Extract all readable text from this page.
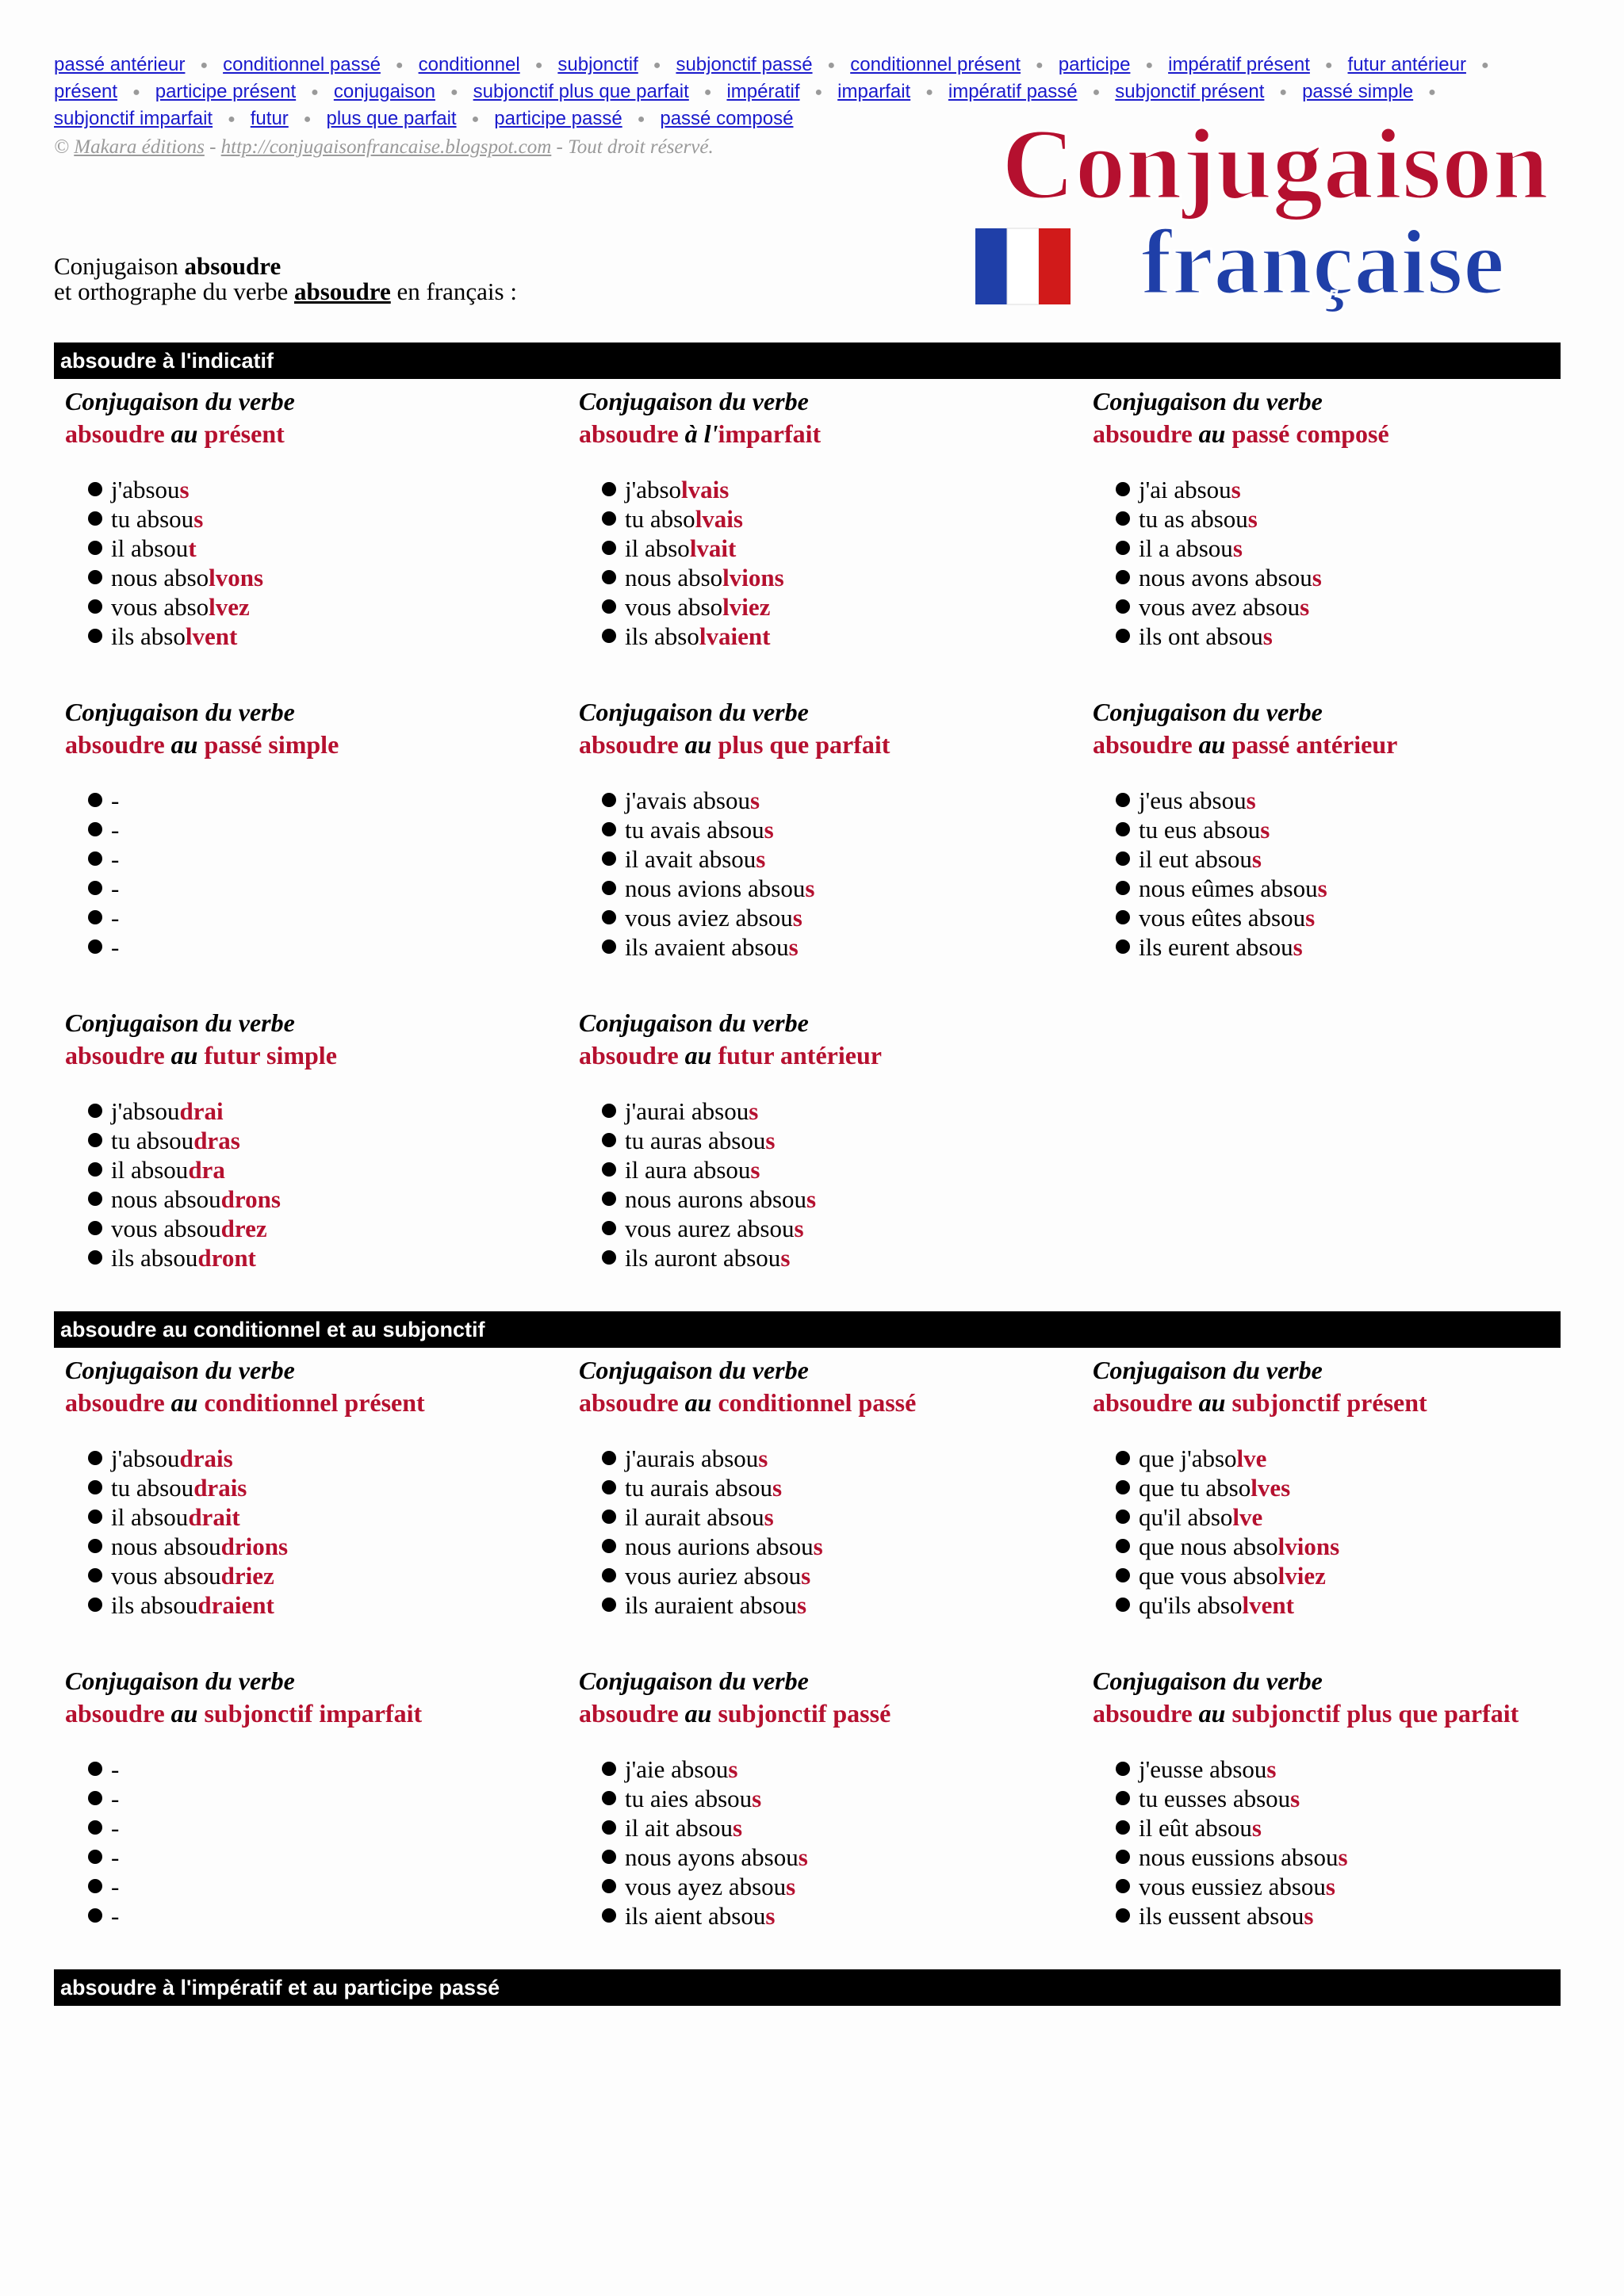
passé antérieur ● conditionnel passé ● conditionnel ● subjonctif ● subjonctif passé ● conditionnel présent ● participe ● impératif présent ● futur antérieur ●
présent ● participe présent ● conjugaison ● subjonctif plus que parfait ● impératif ● imparfait ● impératif passé ● subjonctif présent ● passé simple ●
subjonctif imparfait ● futur ● plus que parfait ● participe passé ● passé composé
© Makara éditions - http://conjugaisonfrancaise.blogspot.com - Tout droit réservé.	Conjugaison
française
Conjugaison absoudre
et orthographe du verbe absoudre en français :
absoudre à l'indicatif
Conjugaison du verbe
absoudre au présent
j'absous
tu absous
il absout
nous absolvons
vous absolvez
ils absolvent
Conjugaison du verbe
absoudre à l'imparfait
j'absolvais
tu absolvais
il absolvait
nous absolvions
vous absolviez
ils absolvaient
Conjugaison du verbe
absoudre au passé composé
j'ai absous
tu as absous
il a absous
nous avons absous
vous avez absous
ils ont absous
Conjugaison du verbe
absoudre au passé simple
-
-
-
-
-
-
Conjugaison du verbe
absoudre au plus que parfait
j'avais absous
tu avais absous
il avait absous
nous avions absous
vous aviez absous
ils avaient absous
Conjugaison du verbe
absoudre au passé antérieur
j'eus absous
tu eus absous
il eut absous
nous eûmes absous
vous eûtes absous
ils eurent absous
Conjugaison du verbe
absoudre au futur simple
j'absoudrai
tu absoudras
il absoudra
nous absoudrons
vous absoudrez
ils absoudront
Conjugaison du verbe
absoudre au futur antérieur
j'aurai absous
tu auras absous
il aura absous
nous aurons absous
vous aurez absous
ils auront absous
absoudre au conditionnel et au subjonctif
Conjugaison du verbe
absoudre au conditionnel présent
j'absoudrais
tu absoudrais
il absoudrait
nous absoudrions
vous absoudriez
ils absoudraient
Conjugaison du verbe
absoudre au conditionnel passé
j'aurais absous
tu aurais absous
il aurait absous
nous aurions absous
vous auriez absous
ils auraient absous
Conjugaison du verbe
absoudre au subjonctif présent
que j'absolve
que tu absolves
qu'il absolve
que nous absolvions
que vous absolviez
qu'ils absolvent
Conjugaison du verbe
absoudre au subjonctif imparfait
-
-
-
-
-
-
Conjugaison du verbe
absoudre au subjonctif passé
j'aie absous
tu aies absous
il ait absous
nous ayons absous
vous ayez absous
ils aient absous
Conjugaison du verbe
absoudre au subjonctif plus que parfait
j'eusse absous
tu eusses absous
il eût absous
nous eussions absous
vous eussiez absous
ils eussent absous
absoudre à l'impératif et au participe passé
